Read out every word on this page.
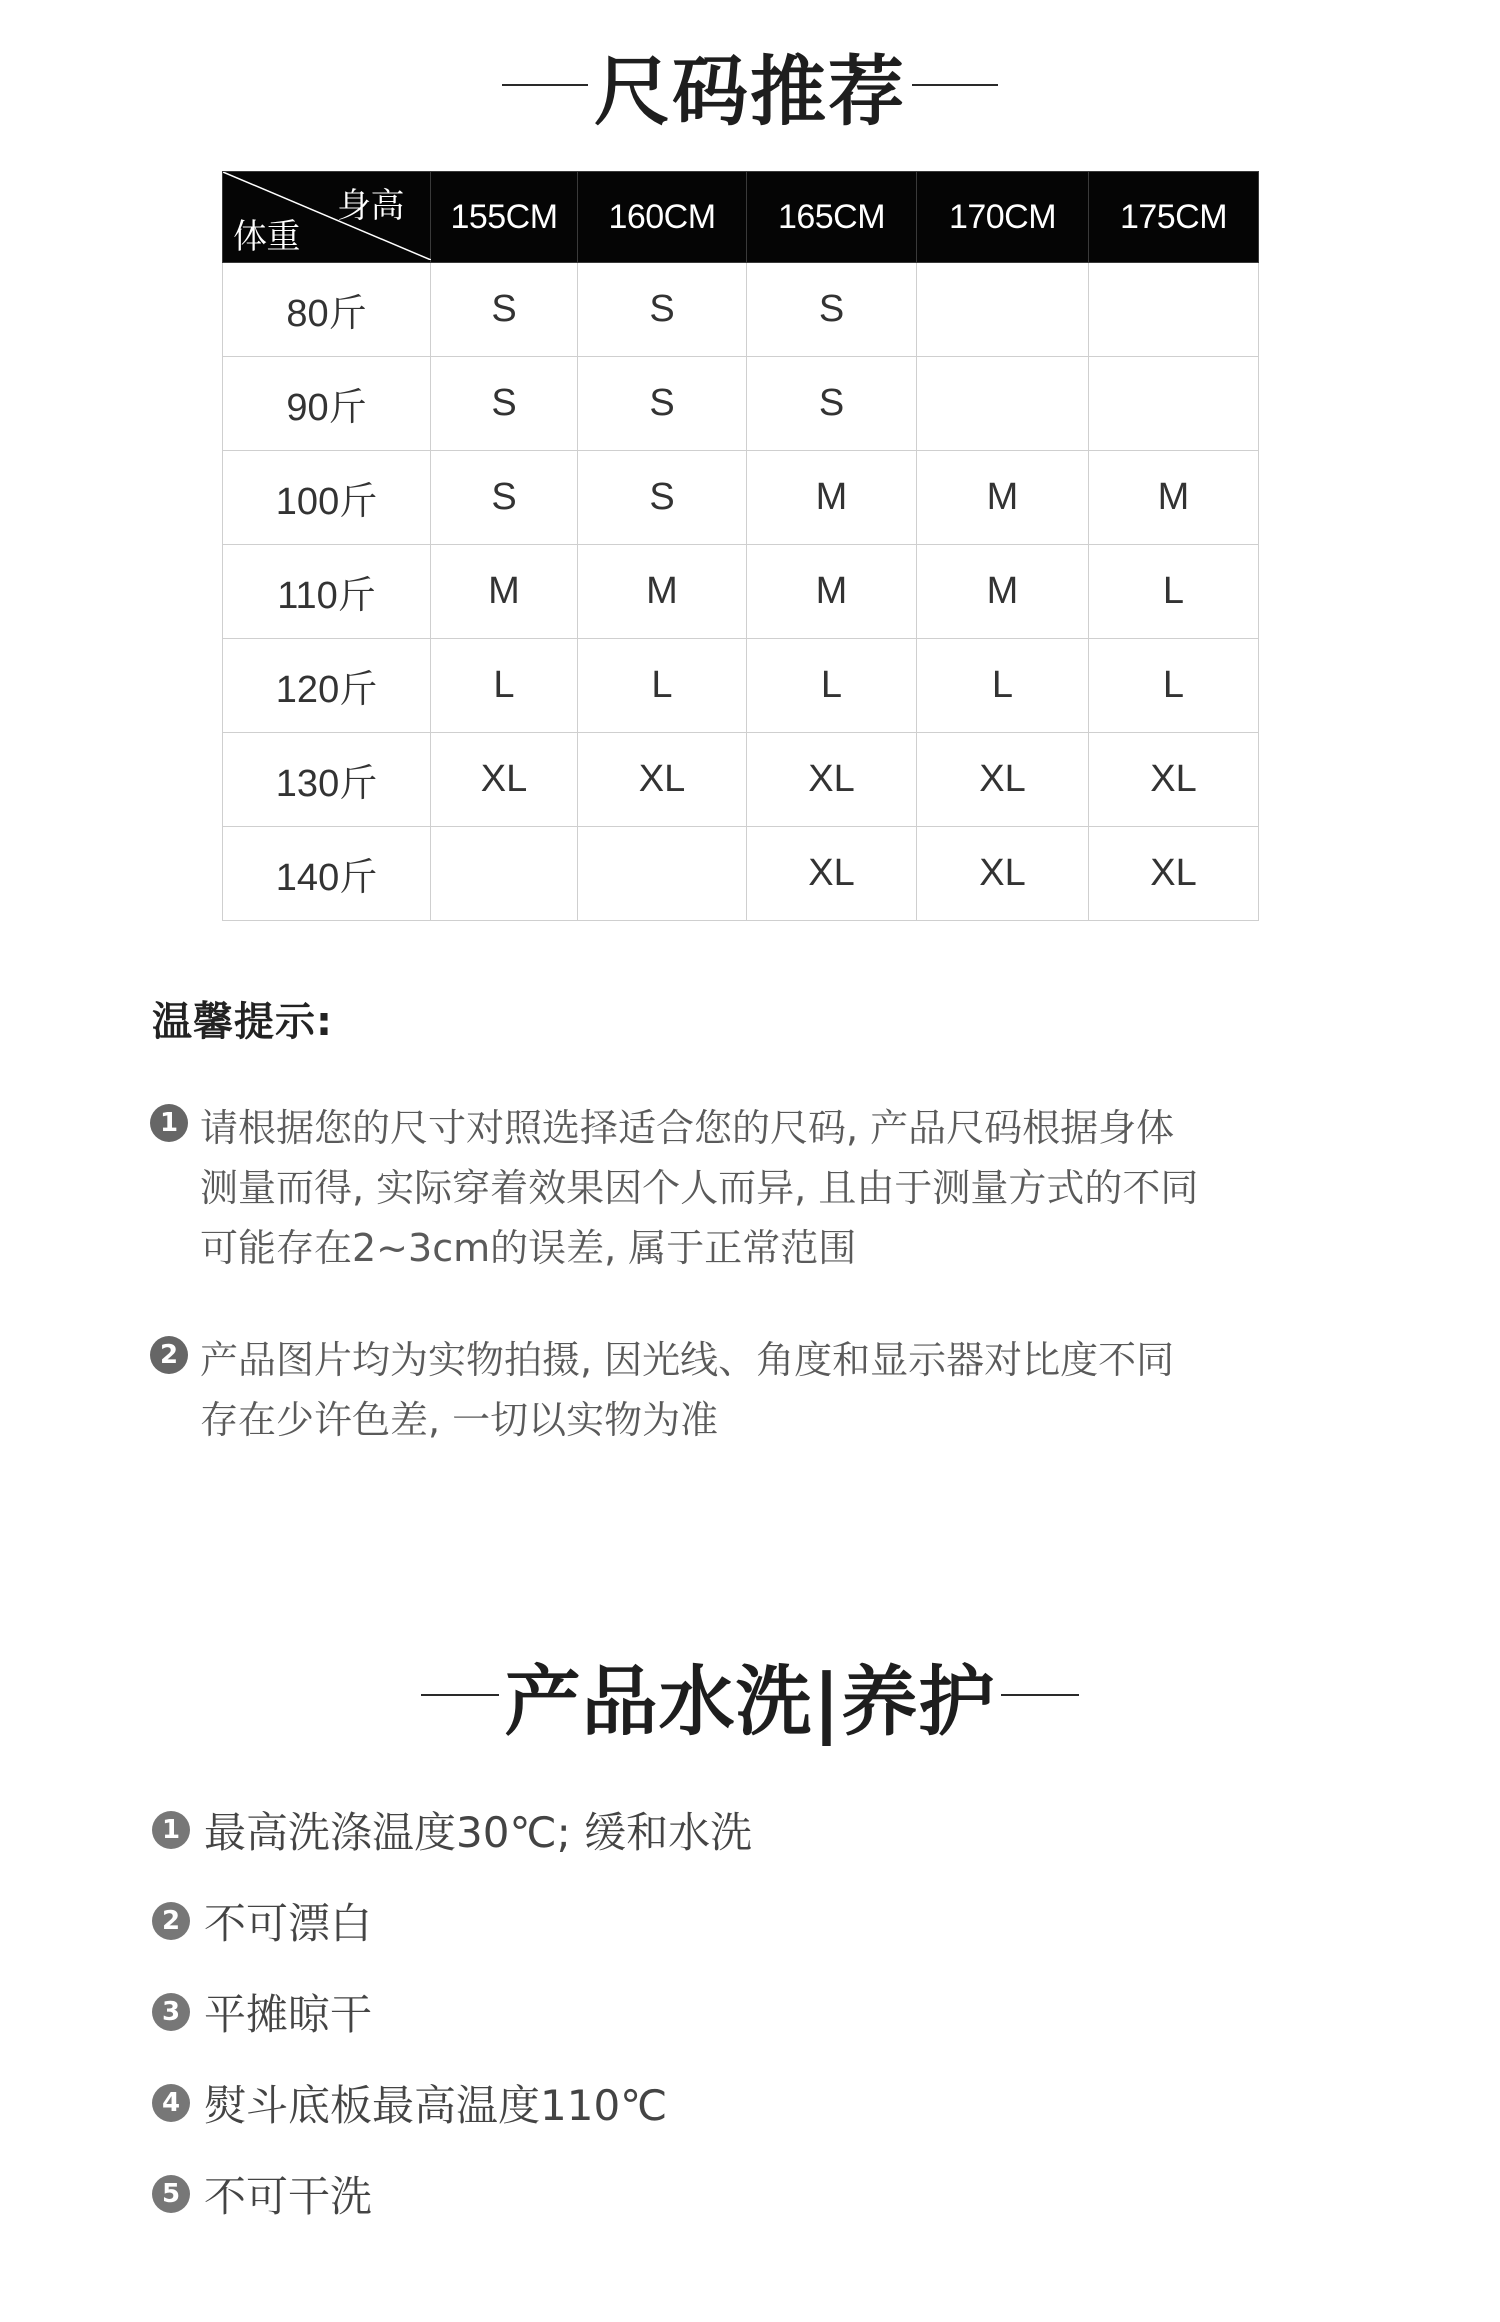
尺码推荐
身高
体重	155CM	160CM	165CM	170CM	175CM
80斤	S	S	S		
90斤	S	S	S		
100斤	S	S	M	M	M
110斤	M	M	M	M	L
120斤	L	L	L	L	L
130斤	XL	XL	XL	XL	XL
140斤			XL	XL	XL
温馨提示:
1 请根据您的尺寸对照选择适合您的尺码, 产品尺码根据身体
测量而得, 实际穿着效果因个人而异, 且由于测量方式的不同
可能存在2~3cm的误差, 属于正常范围
2 产品图片均为实物拍摄, 因光线、角度和显示器对比度不同
存在少许色差, 一切以实物为准
产品水洗|养护
1 最高洗涤温度30℃; 缓和水洗
2 不可漂白
3 平摊晾干
4 熨斗底板最高温度110℃
5 不可干洗
